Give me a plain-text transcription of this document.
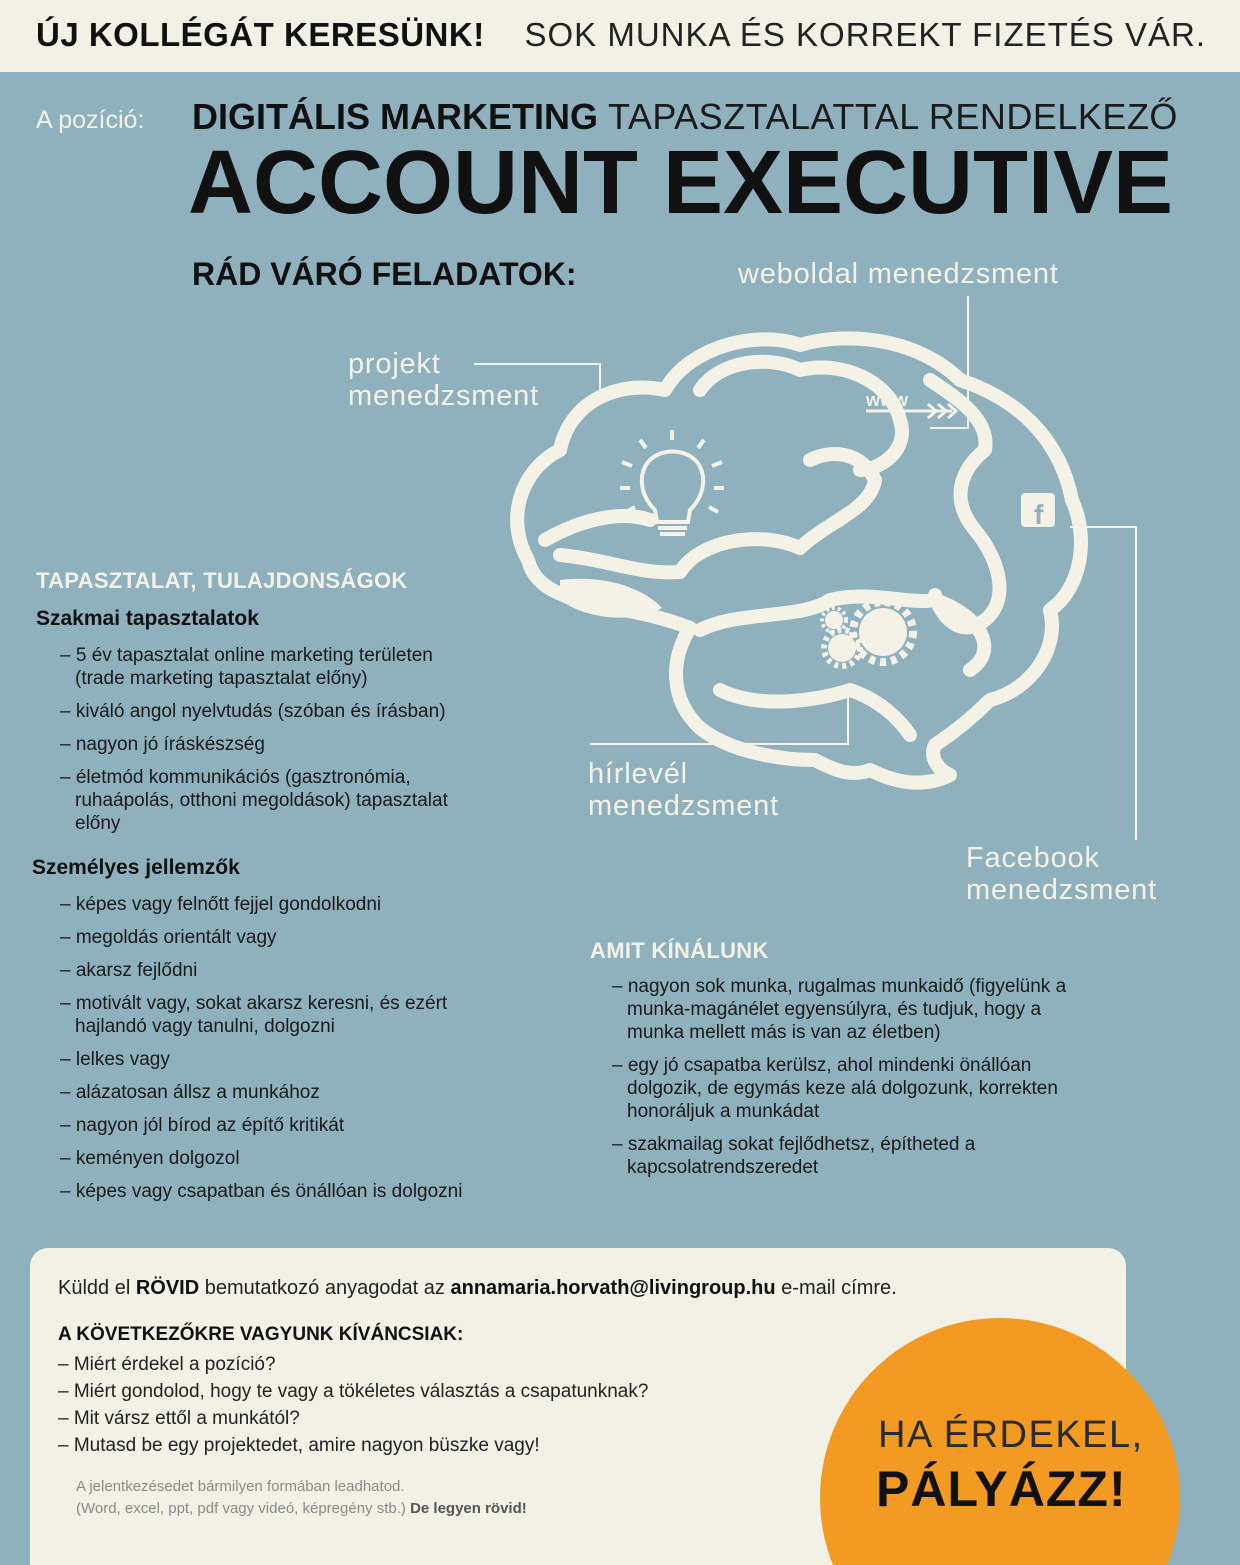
ÚJ KOLLÉGÁT KERESÜNK! SOK MUNKA ÉS KORREKT FIZETÉS VÁR.
A pozíció: DIGITÁLIS MARKETING TAPASZTALATTAL RENDELKEZŐ
ACCOUNT EXECUTIVE
RÁD VÁRÓ FELADATOK:
www
f
weboldal menedzsment
projekt
menedzsment
hírlevél
menedzsment
Facebook
menedzsment
TAPASZTALAT, TULAJDONSÁGOK
Szakmai tapasztalatok
– 5 év tapasztalat online marketing területen (trade marketing tapasztalat előny)
– kiváló angol nyelvtudás (szóban és írásban)
– nagyon jó íráskészség
– életmód kommunikációs (gasztronómia, ruhaápolás, otthoni megoldások) tapasztalat előny
Személyes jellemzők
– képes vagy felnőtt fejjel gondolkodni
– megoldás orientált vagy
– akarsz fejlődni
– motivált vagy, sokat akarsz keresni, és ezért hajlandó vagy tanulni, dolgozni
– lelkes vagy
– alázatosan állsz a munkához
– nagyon jól bírod az építő kritikát
– keményen dolgozol
– képes vagy csapatban és önállóan is dolgozni
AMIT KÍNÁLUNK
– nagyon sok munka, rugalmas munkaidő (figyelünk a munka-magánélet egyensúlyra, és tudjuk, hogy a munka mellett más is van az életben)
– egy jó csapatba kerülsz, ahol mindenki önállóan dolgozik, de egymás keze alá dolgozunk, korrekten honoráljuk a munkádat
– szakmailag sokat fejlődhetsz, építheted a kapcsolatrendszeredet
Küldd el RÖVID bemutatkozó anyagodat az annamaria.horvath@livingroup.hu e-mail címre.
A KÖVETKEZŐKRE VAGYUNK KÍVÁNCSIAK:
– Miért érdekel a pozíció?
– Miért gondolod, hogy te vagy a tökéletes választás a csapatunknak?
– Mit vársz ettől a munkától?
– Mutasd be egy projektedet, amire nagyon büszke vagy!
A jelentkezésedet bármilyen formában leadhatod.
(Word, excel, ppt, pdf vagy videó, képregény stb.) De legyen rövid!
HA ÉRDEKEL,
PÁLYÁZZ!
